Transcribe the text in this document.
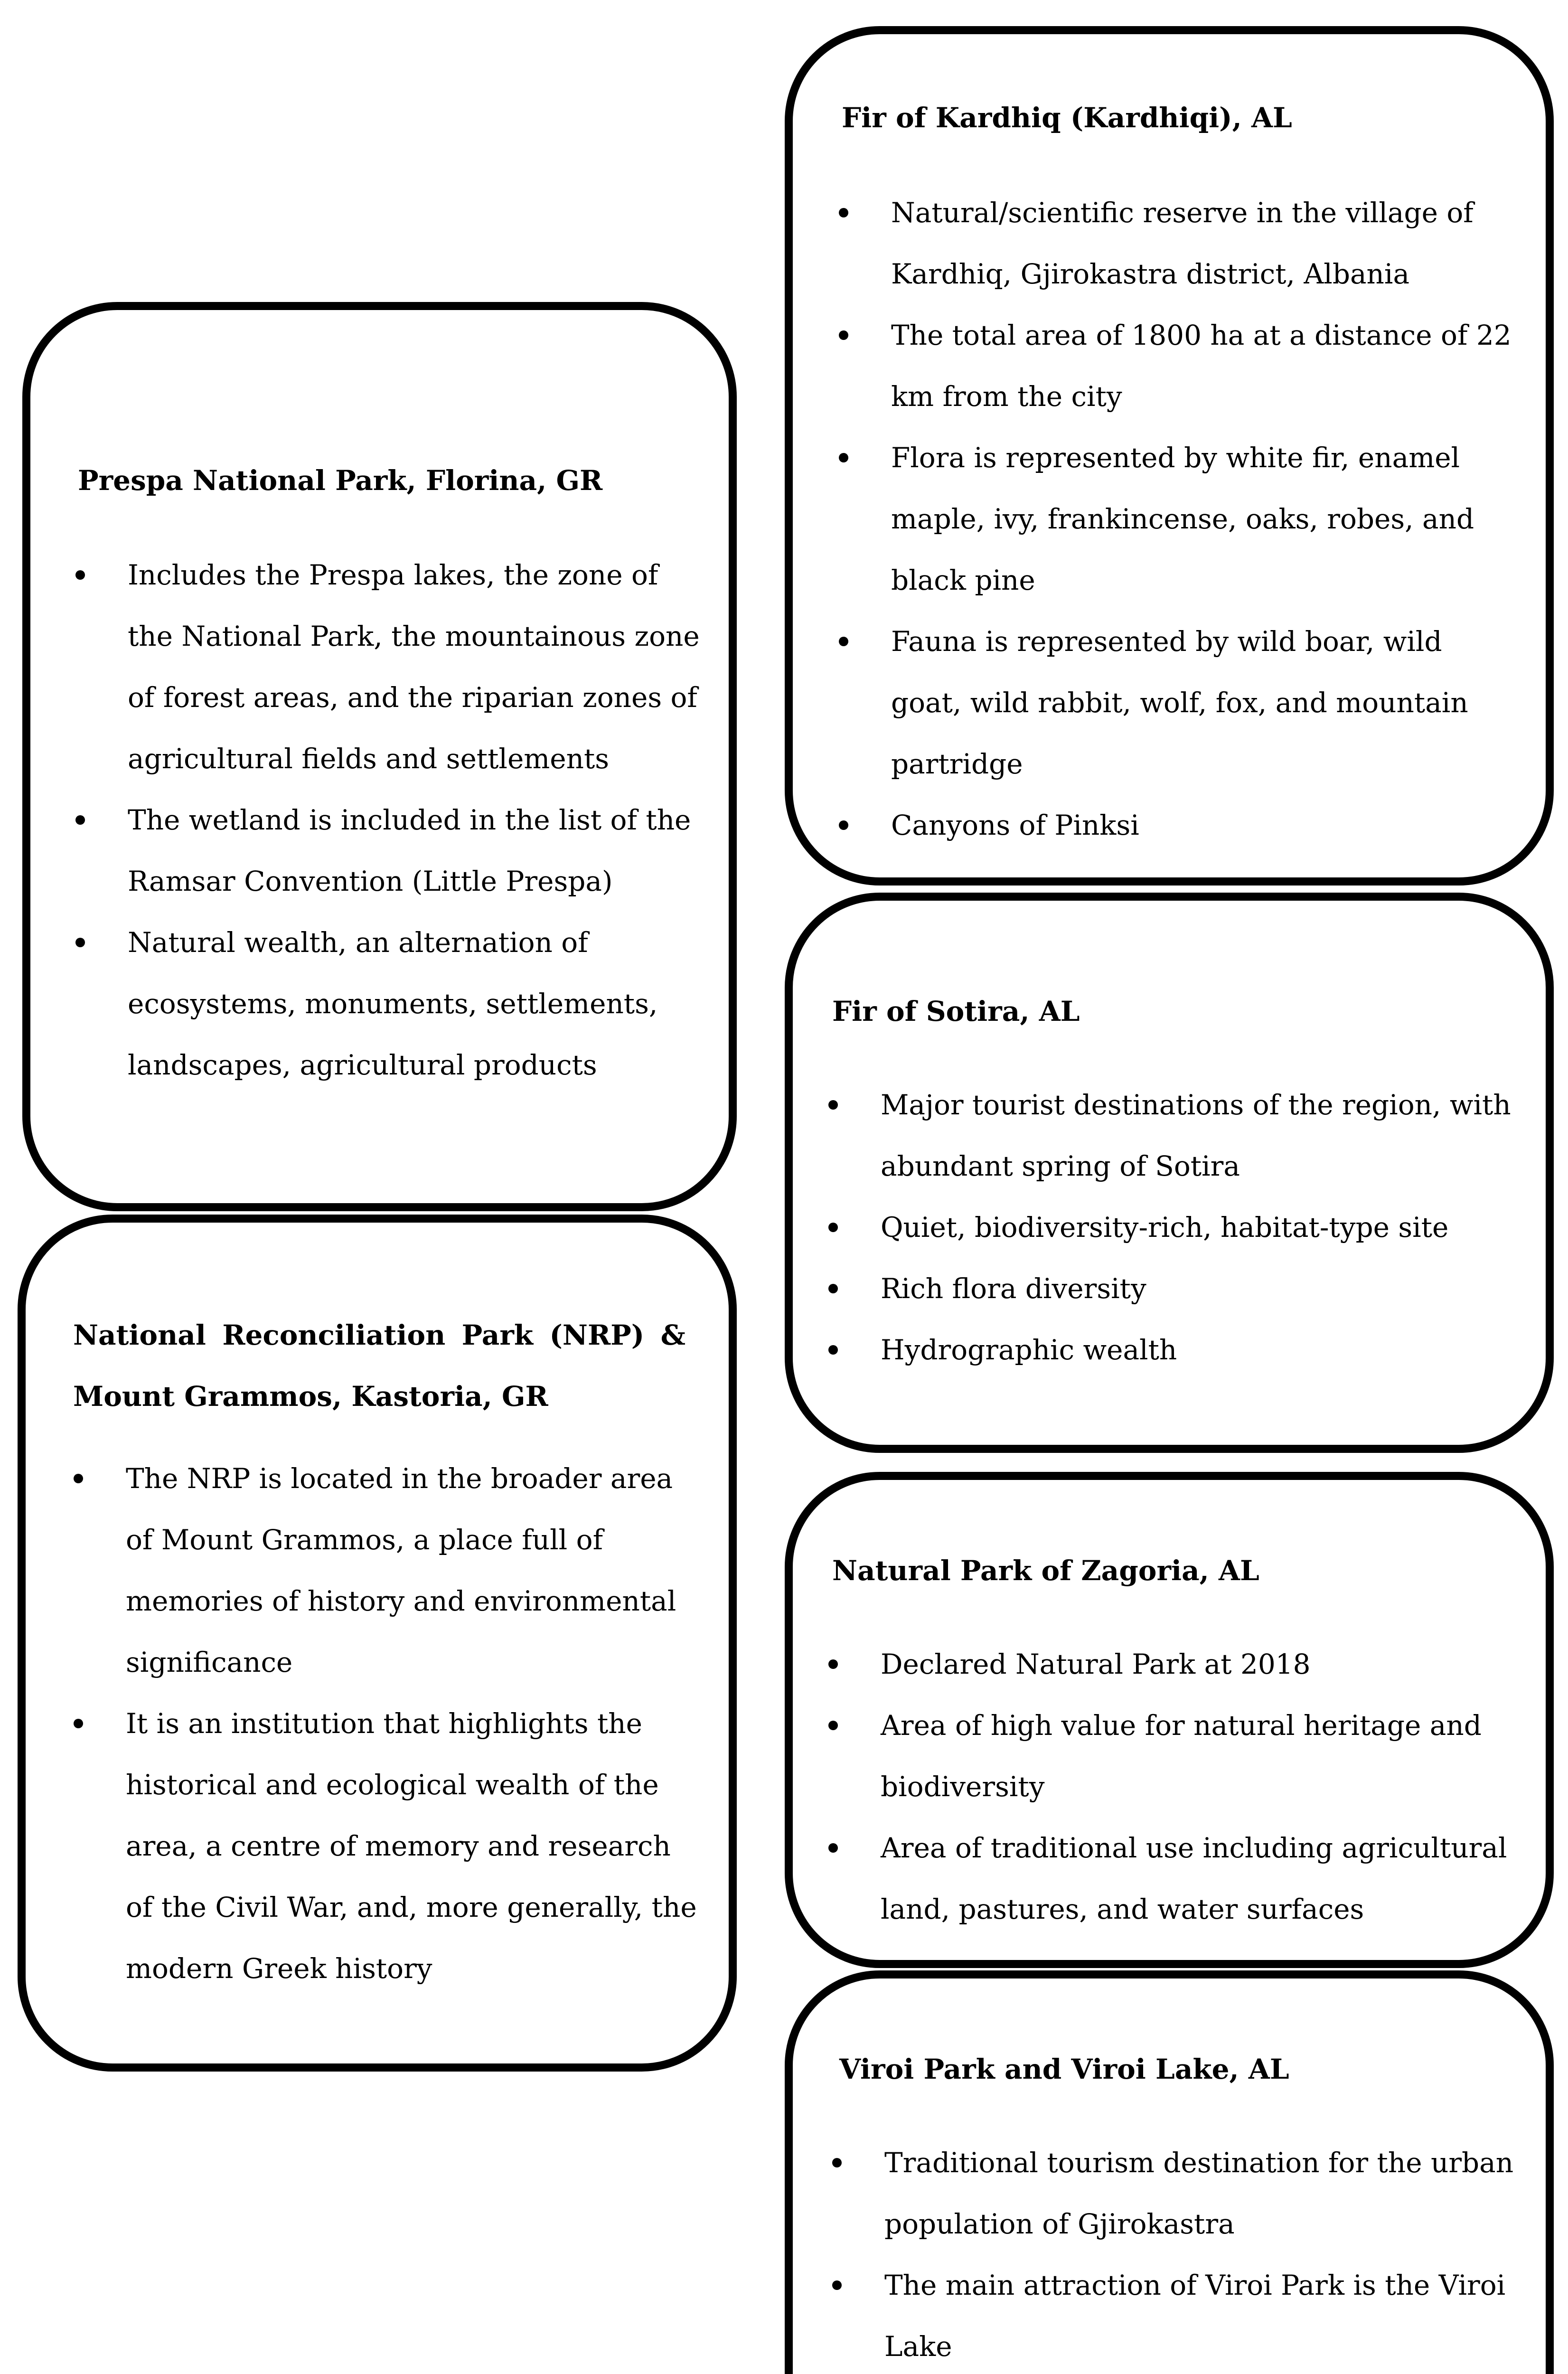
Fir of Kardhiq (Kardhiqi), AL
Natural/scientific reserve in the village of Kardhiq, Gjirokastra district, Albania
The total area of 1800 ha at a distance of 22 km from the city
Flora is represented by white fir, enamel maple, ivy, frankincense, oaks, robes, and black pine
Fauna is represented by wild boar, wild goat, wild rabbit, wolf, fox, and mountain partridge
Canyons of Pinksi
Prespa National Park, Florina, GR
Includes the Prespa lakes, the zone of the National Park, the mountainous zone of forest areas, and the riparian zones of agricultural fields and settlements
The wetland is included in the list of the Ramsar Convention (Little Prespa)
Natural wealth, an alternation of ecosystems, monuments, settlements, landscapes, agricultural products
Fir of Sotira, AL
Major tourist destinations of the region, with abundant spring of Sotira
Quiet, biodiversity-rich, habitat-type site
Rich flora diversity
Hydrographic wealth
National Reconciliation Park (NRP) &
Mount Grammos, Kastoria, GR
The NRP is located in the broader area of Mount Grammos, a place full of memories of history and environmental significance
It is an institution that highlights the historical and ecological wealth of the area, a centre of memory and research of the Civil War, and, more generally, the modern Greek history
Natural Park of Zagoria, AL
Declared Natural Park at 2018
Area of high value for natural heritage and biodiversity
Area of traditional use including agricultural land, pastures, and water surfaces
Viroi Park and Viroi Lake, AL
Traditional tourism destination for the urban population of Gjirokastra
The main attraction of Viroi Park is the Viroi Lake
